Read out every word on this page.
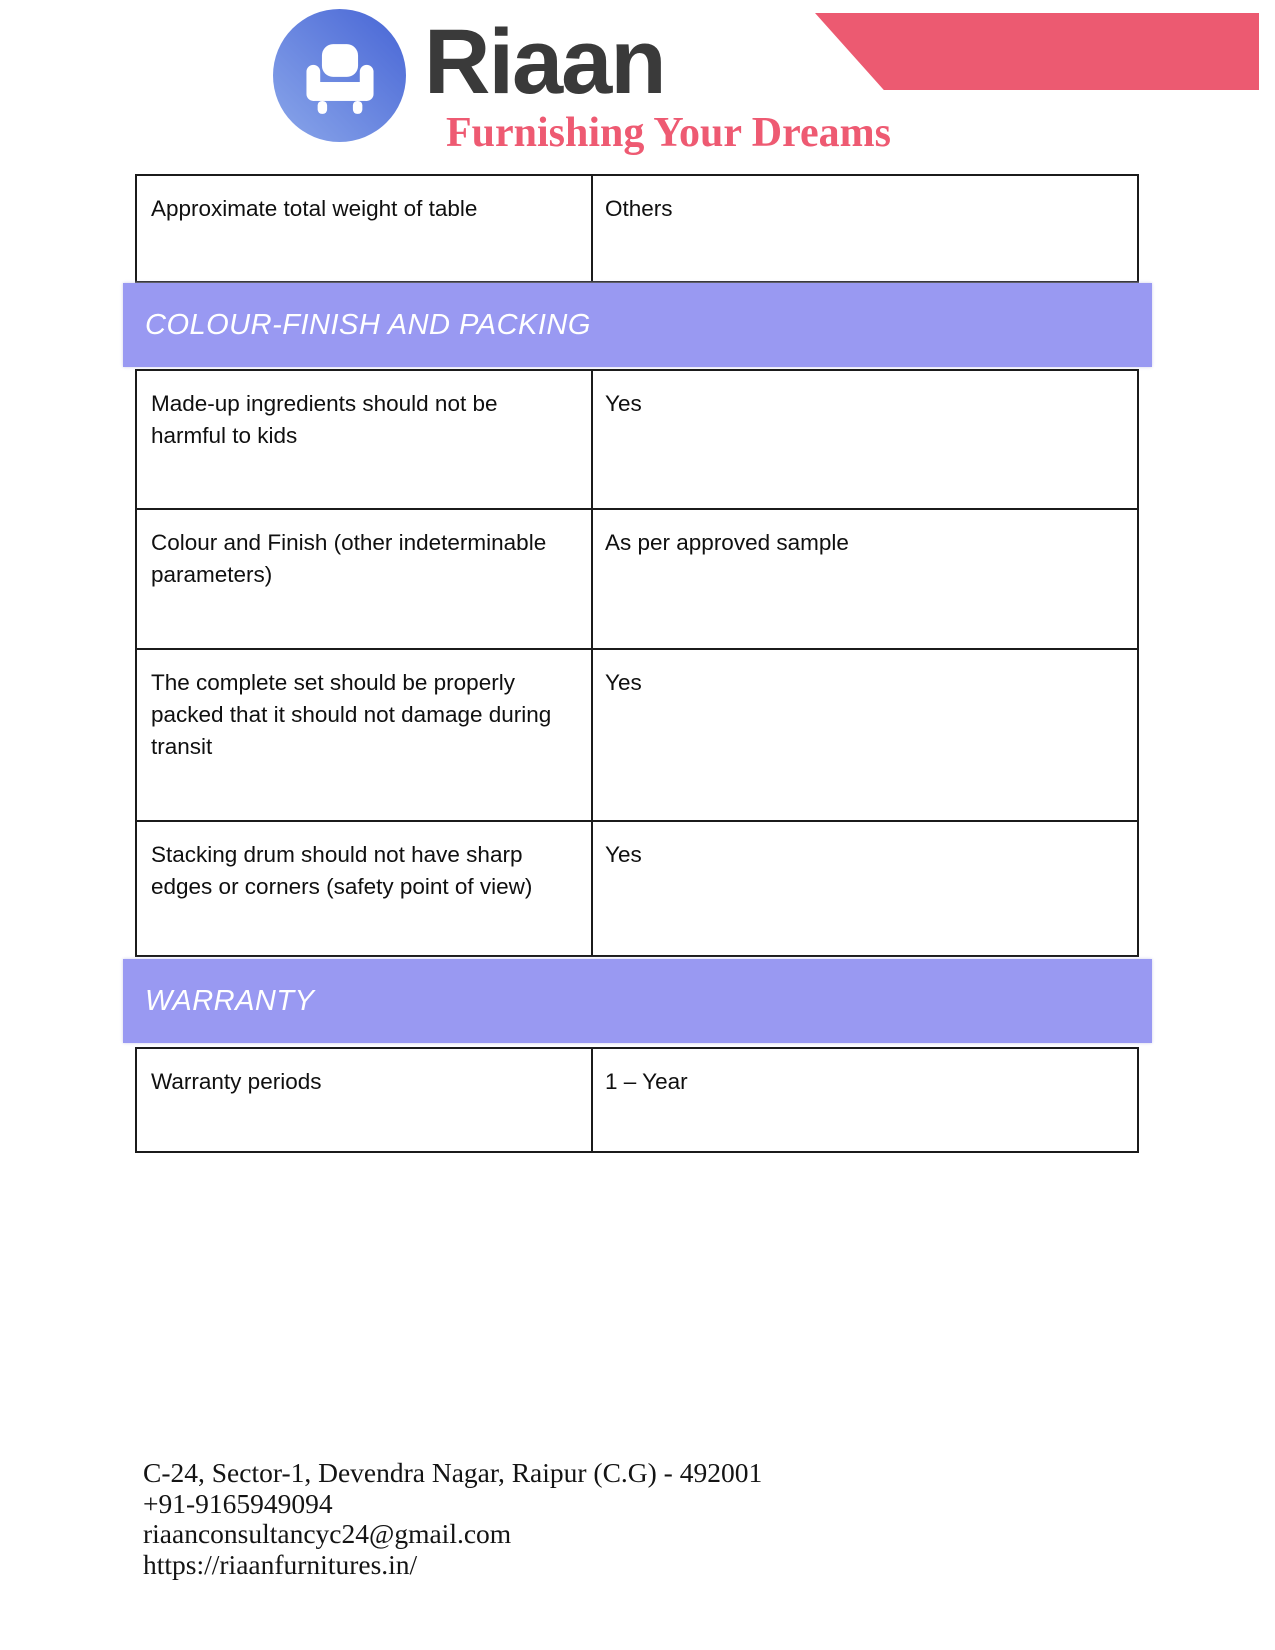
Riaan
Furnishing Your Dreams
Approximate total weight of table	Others
COLOUR-FINISH AND PACKING
Made-up ingredients should not be harmful to kids
Yes
Colour and Finish (other indeterminable parameters)
As per approved sample
The complete set should be properly packed that it should not damage during transit
Yes
Stacking drum should not have sharp edges or corners (safety point of view)
Yes
WARRANTY
Warranty periods	1 – Year
C-24, Sector-1, Devendra Nagar, Raipur (C.G) - 492001
+91-9165949094
riaanconsultancyc24@gmail.com
https://riaanfurnitures.in/
